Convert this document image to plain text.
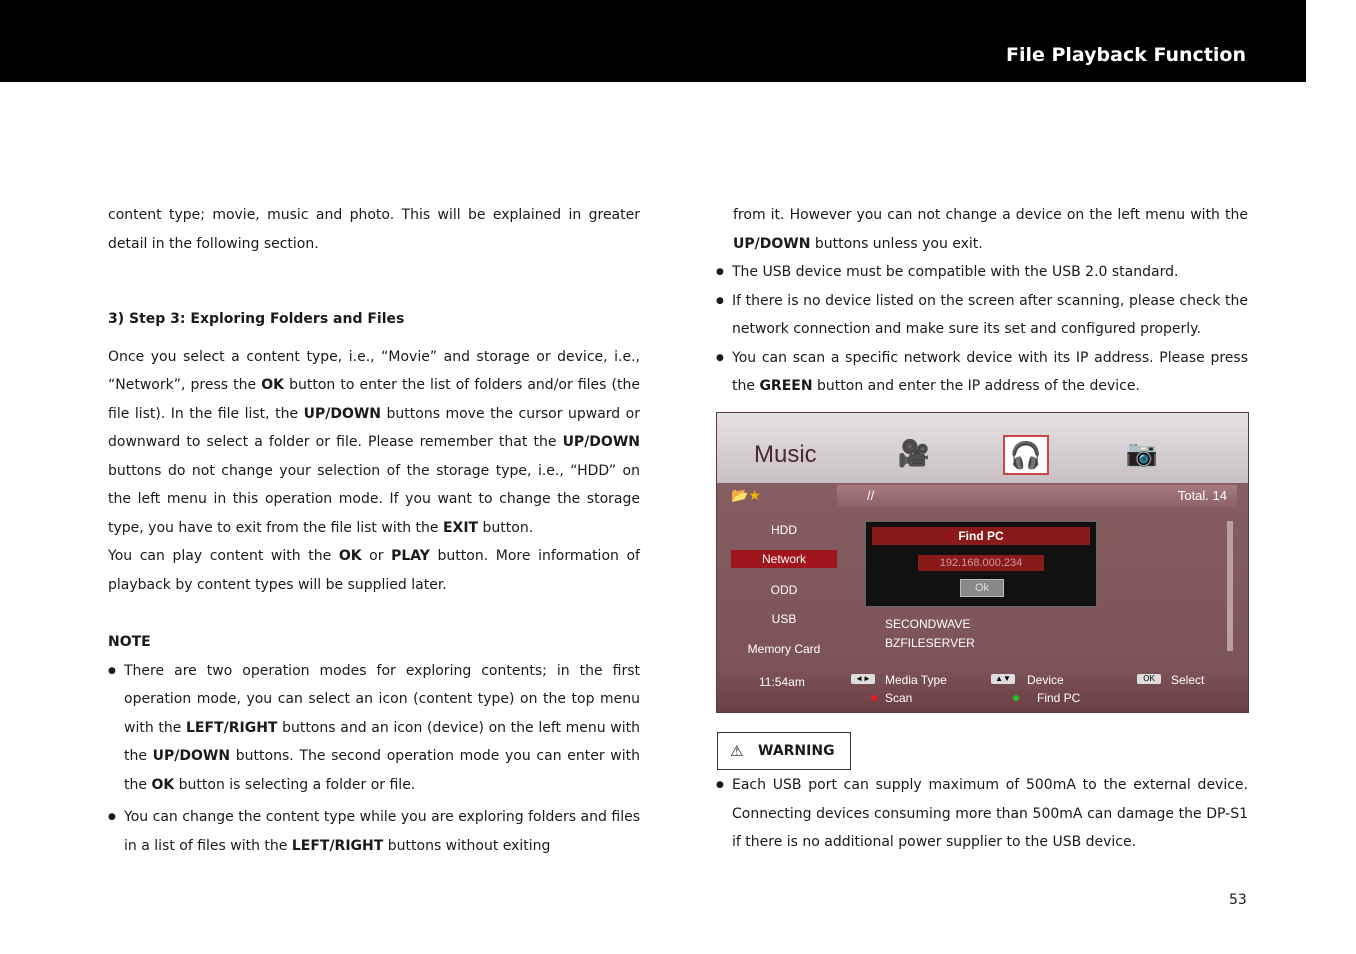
File Playback Function

content type; movie, music and photo. This will be explained in greater detail in the following section.

3) Step 3: Exploring Folders and Files

Once you select a content type, i.e., “Movie” and storage or device, i.e., “Network”, press the OK button to enter the list of folders and/or files (the file list). In the file list, the UP/DOWN buttons move the cursor upward or downward to select a folder or file. Please remember that the UP/DOWN buttons do not change your selection of the storage type, i.e., “HDD” on the left menu in this operation mode. If you want to change the storage type, you have to exit from the file list with the EXIT button.

You can play content with the OK or PLAY button. More information of playback by content types will be supplied later.

NOTE

● There are two operation modes for exploring contents; in the first operation mode, you can select an icon (content type) on the top menu with the LEFT/RIGHT buttons and an icon (device) on the left menu with the UP/DOWN buttons. The second operation mode you can enter with the OK button is selecting a folder or file.

● You can change the content type while you are exploring folders and files in a list of files with the LEFT/RIGHT buttons without exiting

from it. However you can not change a device on the left menu with the UP/DOWN buttons unless you exit.

● The USB device must be compatible with the USB 2.0 standard.

● If there is no device listed on the screen after scanning, please check the network connection and make sure its set and configured properly.

● You can scan a specific network device with its IP address. Please press the GREEN button and enter the IP address of the device.

Music	🎥	🎧	📷
📂★	//	Total. 14
HDD
Network
ODD
USB
Memory Card
SECONDWAVE
BZFILESERVER
Find PC
192.168.000.234
Ok
11:54am	◄►	Media Type
Scan
▲▼	Device
Find PC
OK	Select
⚠ WARNING

● Each USB port can supply maximum of 500mA to the external device. Connecting devices consuming more than 500mA can damage the DP-S1 if there is no additional power supplier to the USB device.

53
